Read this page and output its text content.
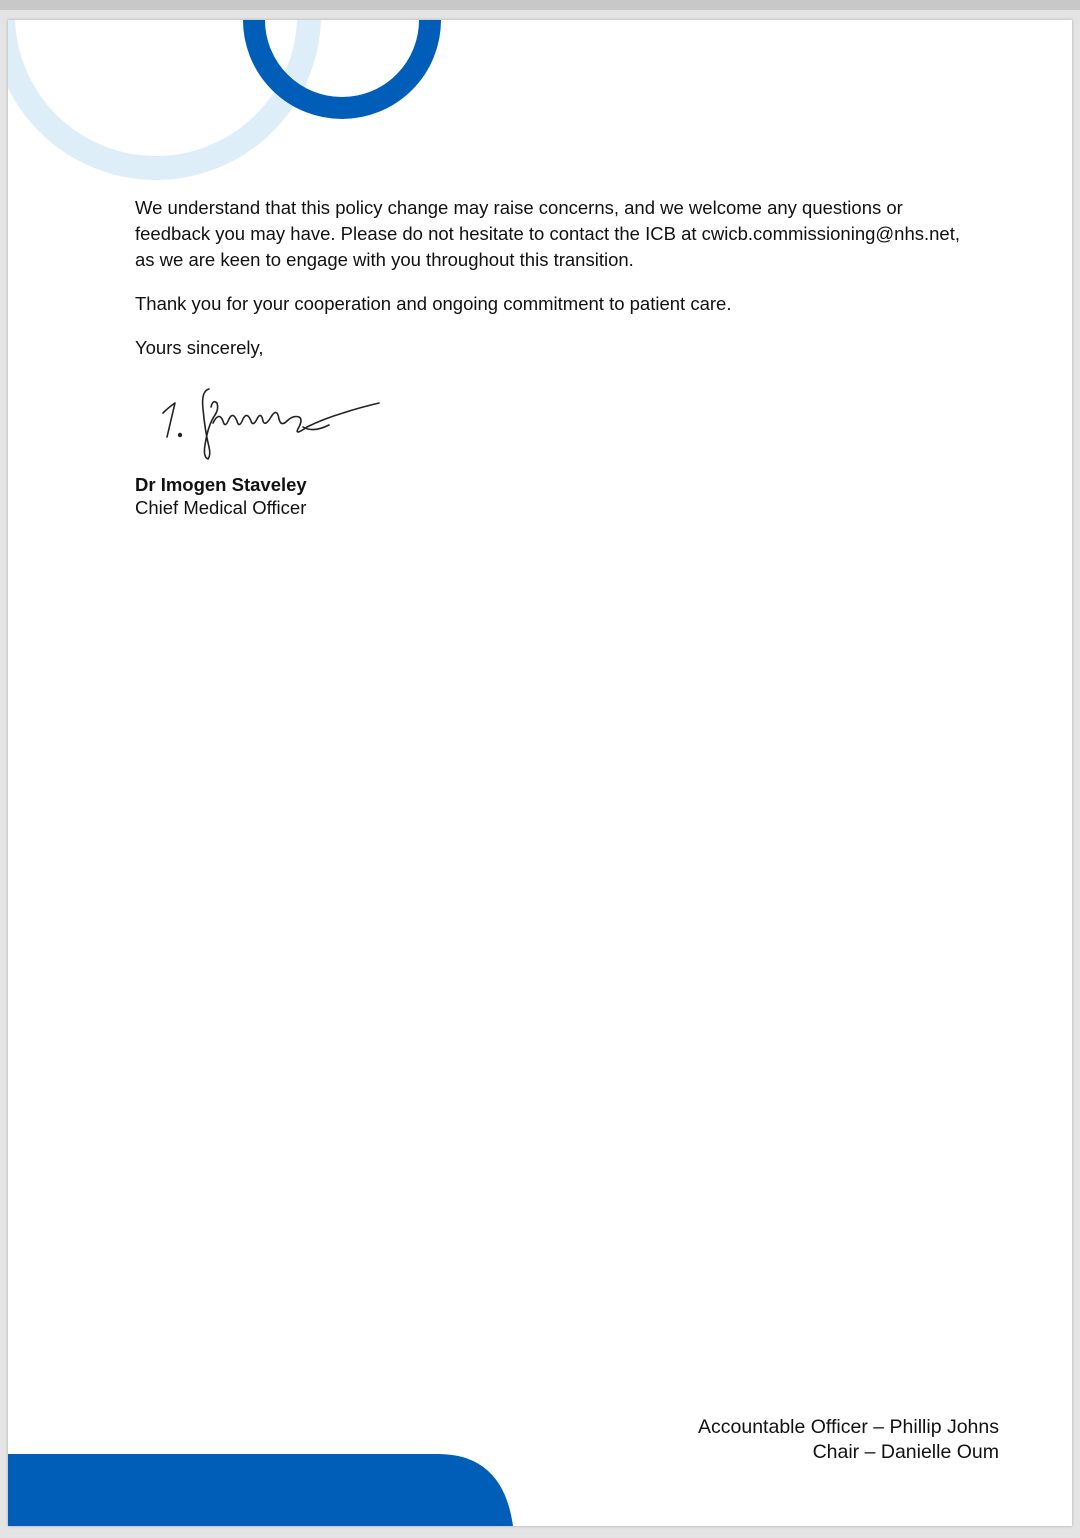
We understand that this policy change may raise concerns, and we welcome any questions or feedback you may have. Please do not hesitate to contact the ICB at cwicb.commissioning@nhs.net, as we are keen to engage with you throughout this transition.

Thank you for your cooperation and ongoing commitment to patient care.

Yours sincerely,

Dr Imogen Staveley
Chief Medical Officer
Accountable Officer – Phillip Johns
Chair – Danielle Oum
